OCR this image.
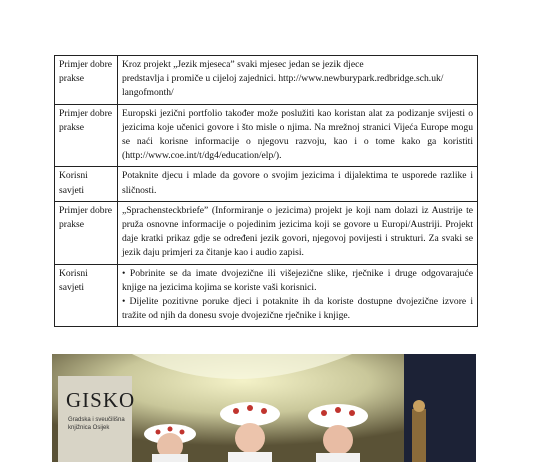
Primjer dobre prakse	Kroz projekt „Jezik mjeseca” svaki mjesec jedan se jezik djece
predstavlja i promiče u cijeloj zajednici. http://www.newburypark.redbridge.sch.uk/
langofmonth/

Primjer dobre prakse	Europski jezični portfolio također može poslužiti kao koristan alat za podizanje svijesti o jezicima koje učenici govore i što misle o njima. Na mrežnoj stranici Vijeća Europe mogu se naći korisne informacije o njegovu razvoju, kao i o tome kako ga koristiti (http://www.coe.int/t/dg4/education/elp/).
Korisni savjeti	Potaknite djecu i mlade da govore o svojim jezicima i dijalektima te usporede razlike i sličnosti.
Primjer dobre prakse	„Sprachensteckbriefe” (Informiranje o jezicima) projekt je koji nam dolazi iz Austrije te pruža osnovne informacije o pojedinim jezicima koji se govore u Europi/Austriji. Projekt daje kratki prikaz gdje se određeni jezik govori, njegovoj povijesti i strukturi. Za svaki se jezik daju primjeri za čitanje kao i audio zapisi.
Korisni savjeti	• Pobrinite se da imate dvojezične ili višejezične slike, rječnike i druge odgovarajuće knjige na jezicima kojima se koriste vaši korisnici.
• Dijelite pozitivne poruke djeci i potaknite ih da koriste dostupne dvojezične izvore i tražite od njih da donesu svoje dvojezične rječnike i knjige.
GISKO
Gradska i sveučilišna knjižnica Osijek
